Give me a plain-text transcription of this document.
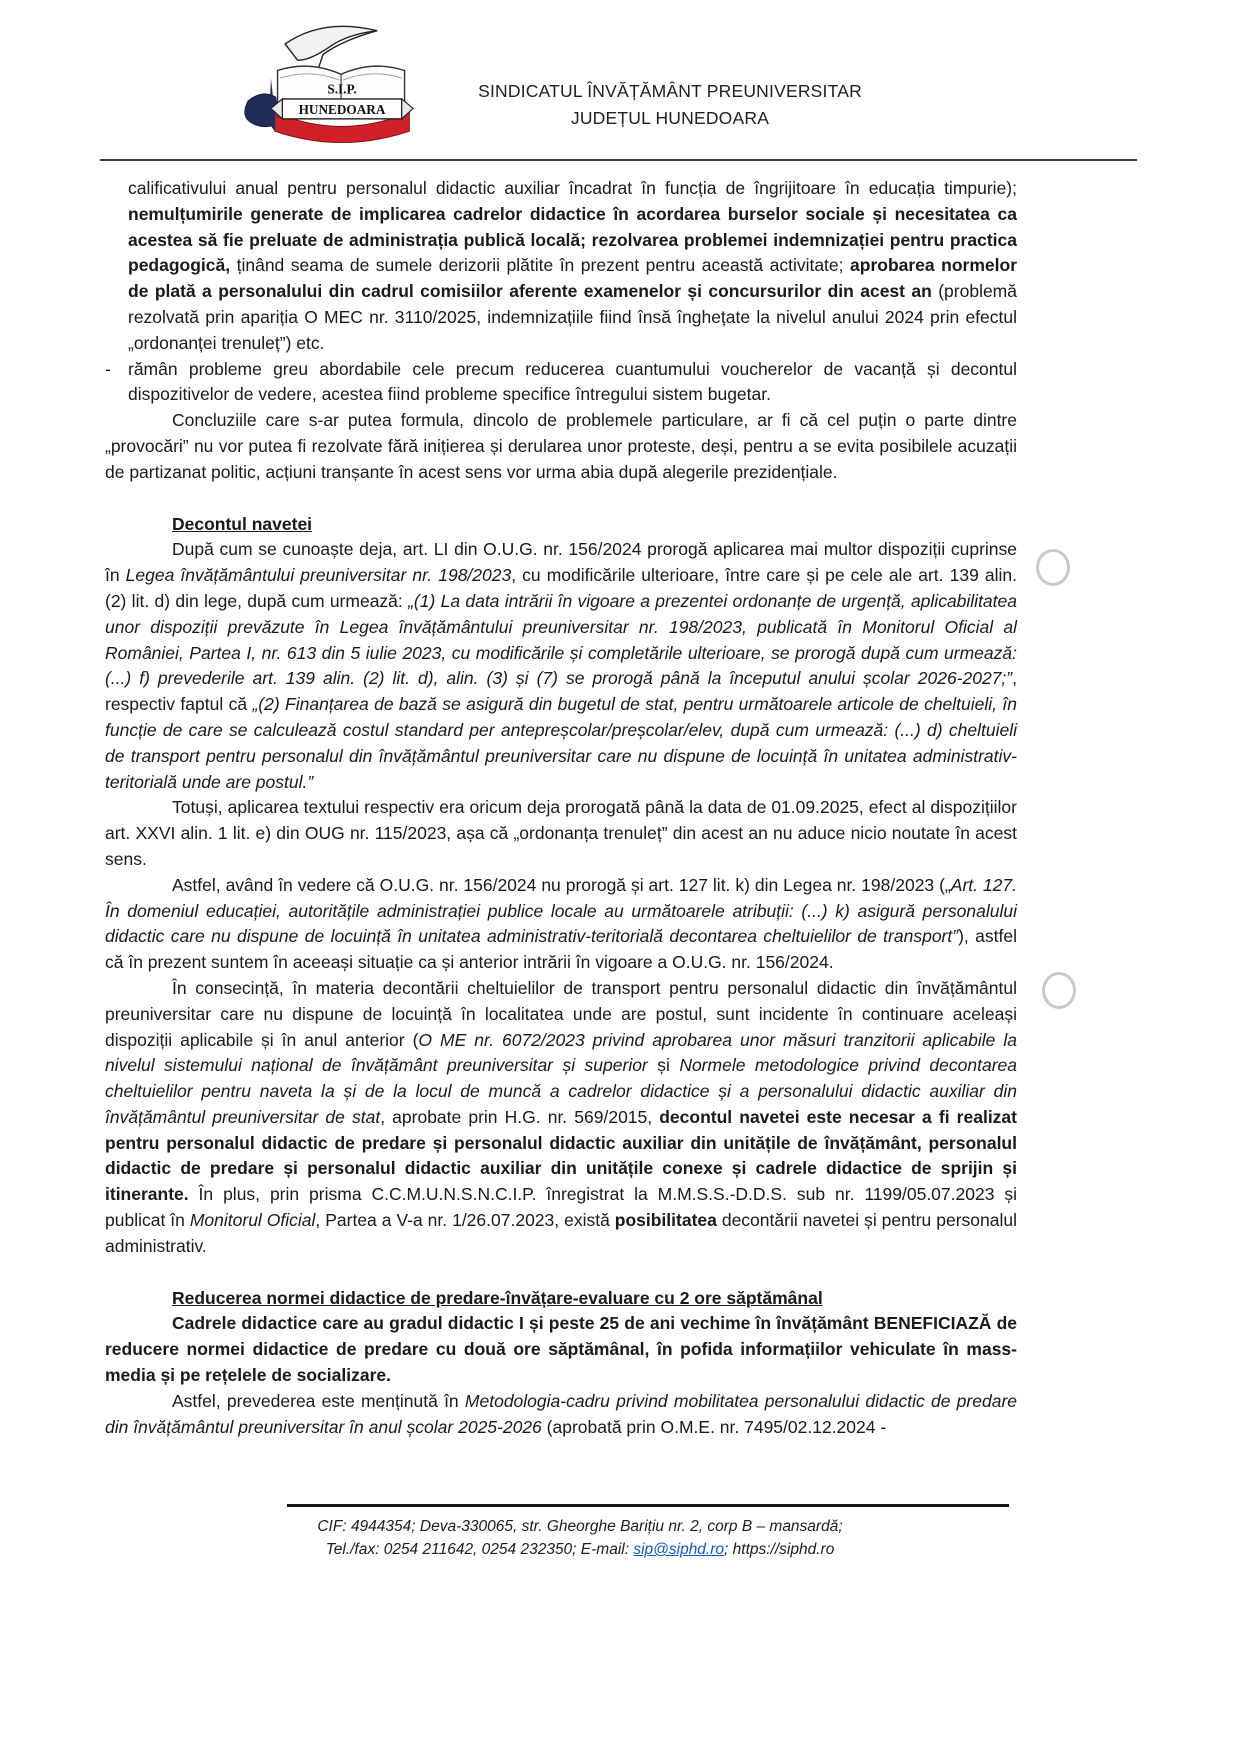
HUNEDOARA
S.I.P.	SINDICATUL ÎNVĂȚĂMÂNT PREUNIVERSITAR
JUDEȚUL HUNEDOARA

calificativului anual pentru personalul didactic auxiliar încadrat în funcția de îngrijitoare în educația timpurie); nemulțumirile generate de implicarea cadrelor didactice în acordarea burselor sociale și necesitatea ca acestea să fie preluate de administrația publică locală; rezolvarea problemei indemnizației pentru practica pedagogică, ținând seama de sumele derizorii plătite în prezent pentru această activitate; aprobarea normelor de plată a personalului din cadrul comisiilor aferente examenelor și concursurilor din acest an (problemă rezolvată prin apariția O MEC nr. 3110/2025, indemnizațiile fiind însă înghețate la nivelul anului 2024 prin efectul „ordonanței trenuleț”) etc.

- rămân probleme greu abordabile cele precum reducerea cuantumului voucherelor de vacanță și decontul dispozitivelor de vedere, acestea fiind probleme specifice întregului sistem bugetar.

Concluziile care s-ar putea formula, dincolo de problemele particulare, ar fi că cel puțin o parte dintre „provocări” nu vor putea fi rezolvate fără inițierea și derularea unor proteste, deși, pentru a se evita posibilele acuzații de partizanat politic, acțiuni tranșante în acest sens vor urma abia după alegerile prezidențiale.

Decontul navetei

După cum se cunoaște deja, art. LI din O.U.G. nr. 156/2024 prorogă aplicarea mai multor dispoziții cuprinse în Legea învățământului preuniversitar nr. 198/2023, cu modificările ulterioare, între care și pe cele ale art. 139 alin. (2) lit. d) din lege, după cum urmează: „(1) La data intrării în vigoare a prezentei ordonanțe de urgență, aplicabilitatea unor dispoziții prevăzute în Legea învățământului preuniversitar nr. 198/2023, publicată în Monitorul Oficial al României, Partea I, nr. 613 din 5 iulie 2023, cu modificările și completările ulterioare, se prorogă după cum urmează: (...) f) prevederile art. 139 alin. (2) lit. d), alin. (3) și (7) se prorogă până la începutul anului școlar 2026-2027;”, respectiv faptul că „(2) Finanțarea de bază se asigură din bugetul de stat, pentru următoarele articole de cheltuieli, în funcție de care se calculează costul standard per antepreșcolar/preșcolar/elev, după cum urmează: (...) d) cheltuieli de transport pentru personalul din învățământul preuniversitar care nu dispune de locuință în unitatea administrativ-teritorială unde are postul.”

Totuși, aplicarea textului respectiv era oricum deja prorogată până la data de 01.09.2025, efect al dispozițiilor art. XXVI alin. 1 lit. e) din OUG nr. 115/2023, așa că „ordonanța trenuleț” din acest an nu aduce nicio noutate în acest sens.

Astfel, având în vedere că O.U.G. nr. 156/2024 nu prorogă și art. 127 lit. k) din Legea nr. 198/2023 („Art. 127. În domeniul educației, autoritățile administrației publice locale au următoarele atribuții: (...) k) asigură personalului didactic care nu dispune de locuință în unitatea administrativ-teritorială decontarea cheltuielilor de transport”), astfel că în prezent suntem în aceeași situație ca și anterior intrării în vigoare a O.U.G. nr. 156/2024.

În consecință, în materia decontării cheltuielilor de transport pentru personalul didactic din învățământul preuniversitar care nu dispune de locuință în localitatea unde are postul, sunt incidente în continuare aceleași dispoziții aplicabile și în anul anterior (O ME nr. 6072/2023 privind aprobarea unor măsuri tranzitorii aplicabile la nivelul sistemului național de învățământ preuniversitar și superior și Normele metodologice privind decontarea cheltuielilor pentru naveta la și de la locul de muncă a cadrelor didactice și a personalului didactic auxiliar din învățământul preuniversitar de stat, aprobate prin H.G. nr. 569/2015, decontul navetei este necesar a fi realizat pentru personalul didactic de predare și personalul didactic auxiliar din unitățile de învățământ, personalul didactic de predare și personalul didactic auxiliar din unitățile conexe și cadrele didactice de sprijin și itinerante. În plus, prin prisma C.C.M.U.N.S.N.C.I.P. înregistrat la M.M.S.S.-D.D.S. sub nr. 1199/05.07.2023 și publicat în Monitorul Oficial, Partea a V-a nr. 1/26.07.2023, există posibilitatea decontării navetei și pentru personalul administrativ.

Reducerea normei didactice de predare-învățare-evaluare cu 2 ore săptămânal

Cadrele didactice care au gradul didactic I și peste 25 de ani vechime în învățământ BENEFICIAZĂ de reducere normei didactice de predare cu două ore săptămânal, în pofida informațiilor vehiculate în mass-media și pe rețelele de socializare.

Astfel, prevederea este menținută în Metodologia-cadru privind mobilitatea personalului didactic de predare din învățământul preuniversitar în anul școlar 2025-2026 (aprobată prin O.M.E. nr. 7495/02.12.2024 -

CIF: 4944354; Deva-330065, str. Gheorghe Barițiu nr. 2, corp B – mansardă;
Tel./fax: 0254 211642, 0254 232350; E-mail: sip@siphd.ro; https://siphd.ro
